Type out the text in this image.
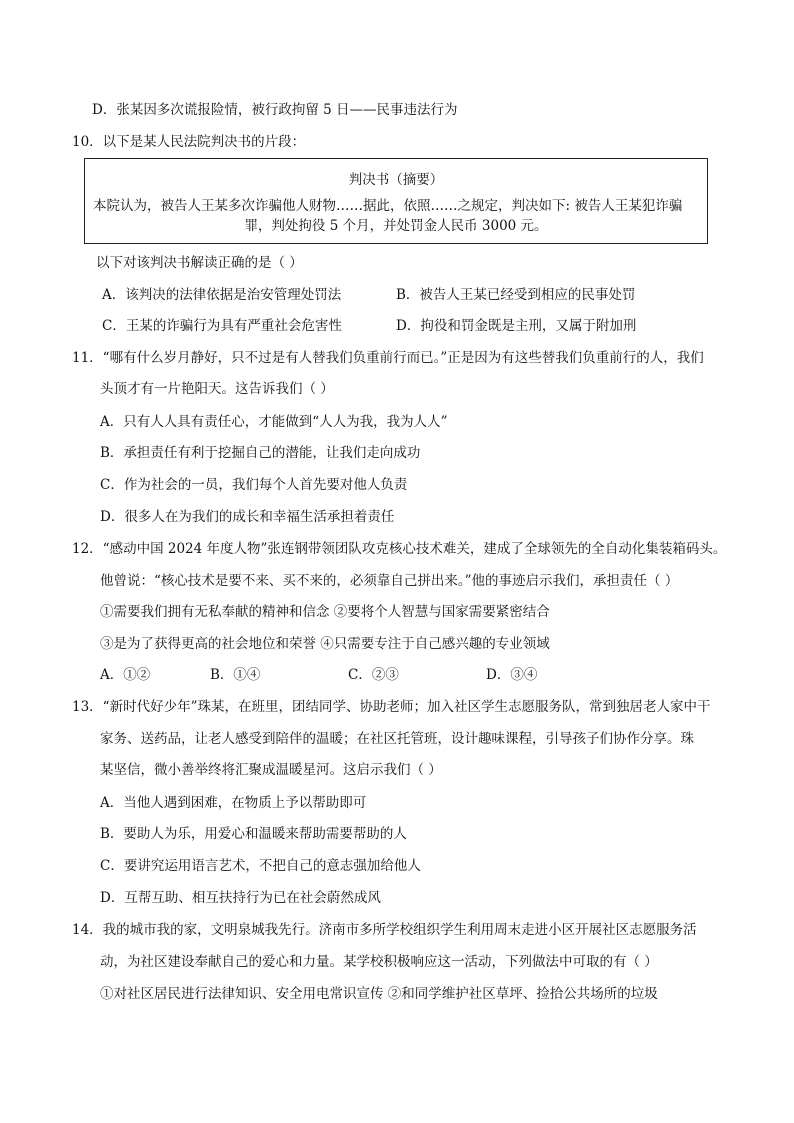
D．张某因多次谎报险情，被行政拘留 5 日——民事违法行为
10．以下是某人民法院判决书的片段：
判决书（摘要）
本院认为，被告人王某多次诈骗他人财物……据此，依照……之规定，判决如下: 被告人王某犯诈骗
罪，判处拘役 5 个月，并处罚金人民币 3000 元。
以下对该判决书解读正确的是（ ）
A．该判决的法律依据是治安管理处罚法	B．被告人王某已经受到相应的民事处罚
C．王某的诈骗行为具有严重社会危害性	D．拘役和罚金既是主刑，又属于附加刑
11．“哪有什么岁月静好，只不过是有人替我们负重前行而已。”正是因为有这些替我们负重前行的人，我们
头顶才有一片艳阳天。这告诉我们（ ）
A．只有人人具有责任心，才能做到“人人为我，我为人人”
B．承担责任有利于挖掘自己的潜能，让我们走向成功
C．作为社会的一员，我们每个人首先要对他人负责
D．很多人在为我们的成长和幸福生活承担着责任
12．“感动中国 2024 年度人物”张连钢带领团队攻克核心技术难关，建成了全球领先的全自动化集装箱码头。
他曾说：“核心技术是要不来、买不来的，必须靠自己拼出来。”他的事迹启示我们，承担责任（ ）
①需要我们拥有无私奉献的精神和信念 ②要将个人智慧与国家需要紧密结合
③是为了获得更高的社会地位和荣誉 ④只需要专注于自己感兴趣的专业领域
A．①②	B．①④	C．②③	D．③④
13．“新时代好少年”珠某，在班里，团结同学、协助老师；加入社区学生志愿服务队，常到独居老人家中干
家务、送药品，让老人感受到陪伴的温暖；在社区托管班，设计趣味课程，引导孩子们协作分享。珠
某坚信，微小善举终将汇聚成温暖星河。这启示我们（ ）
A．当他人遇到困难，在物质上予以帮助即可
B．要助人为乐，用爱心和温暖来帮助需要帮助的人
C．要讲究运用语言艺术，不把自己的意志强加给他人
D．互帮互助、相互扶持行为已在社会蔚然成风
14．我的城市我的家，文明泉城我先行。济南市多所学校组织学生利用周末走进小区开展社区志愿服务活
动，为社区建设奉献自己的爱心和力量。某学校积极响应这一活动，下列做法中可取的有（ ）
①对社区居民进行法律知识、安全用电常识宣传 ②和同学维护社区草坪、捡拾公共场所的垃圾
